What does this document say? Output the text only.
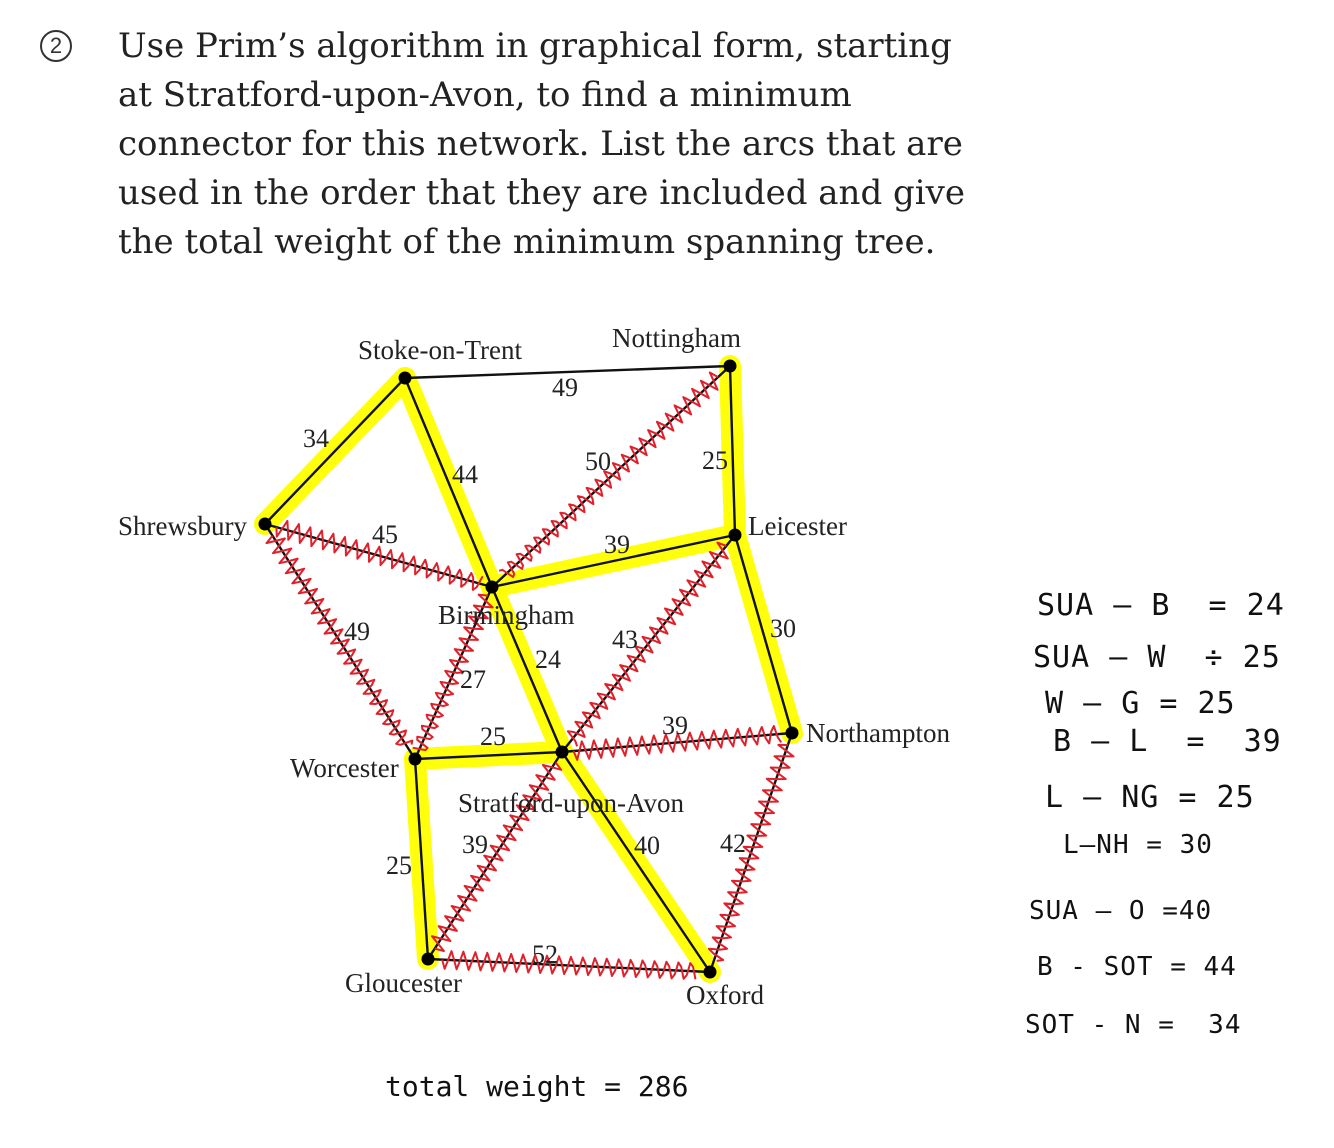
2 Use Prim’s algorithm in graphical form, starting
at Stratford-upon-Avon, to find a minimum
connector for this network. List the arcs that are
used in the order that they are included and give
the total weight of the minimum spanning tree.
49
34
44	25
50
45
49
39
24
27
43	30
39
25
25
39	40 42
52
Stoke-on-Trent	Nottingham
Shrewsbury	Leicester
Birmingham
Northampton
Worcester
Stratford-upon-Avon
Gloucester	Oxford
SUA – B  = 24
SUA – W  ÷ 25
W – G = 25
B – L  =  39
L – NG = 25
L–NH = 30
SUA – O =40
B - SOT = 44
SOT - N =  34
total weight = 286
